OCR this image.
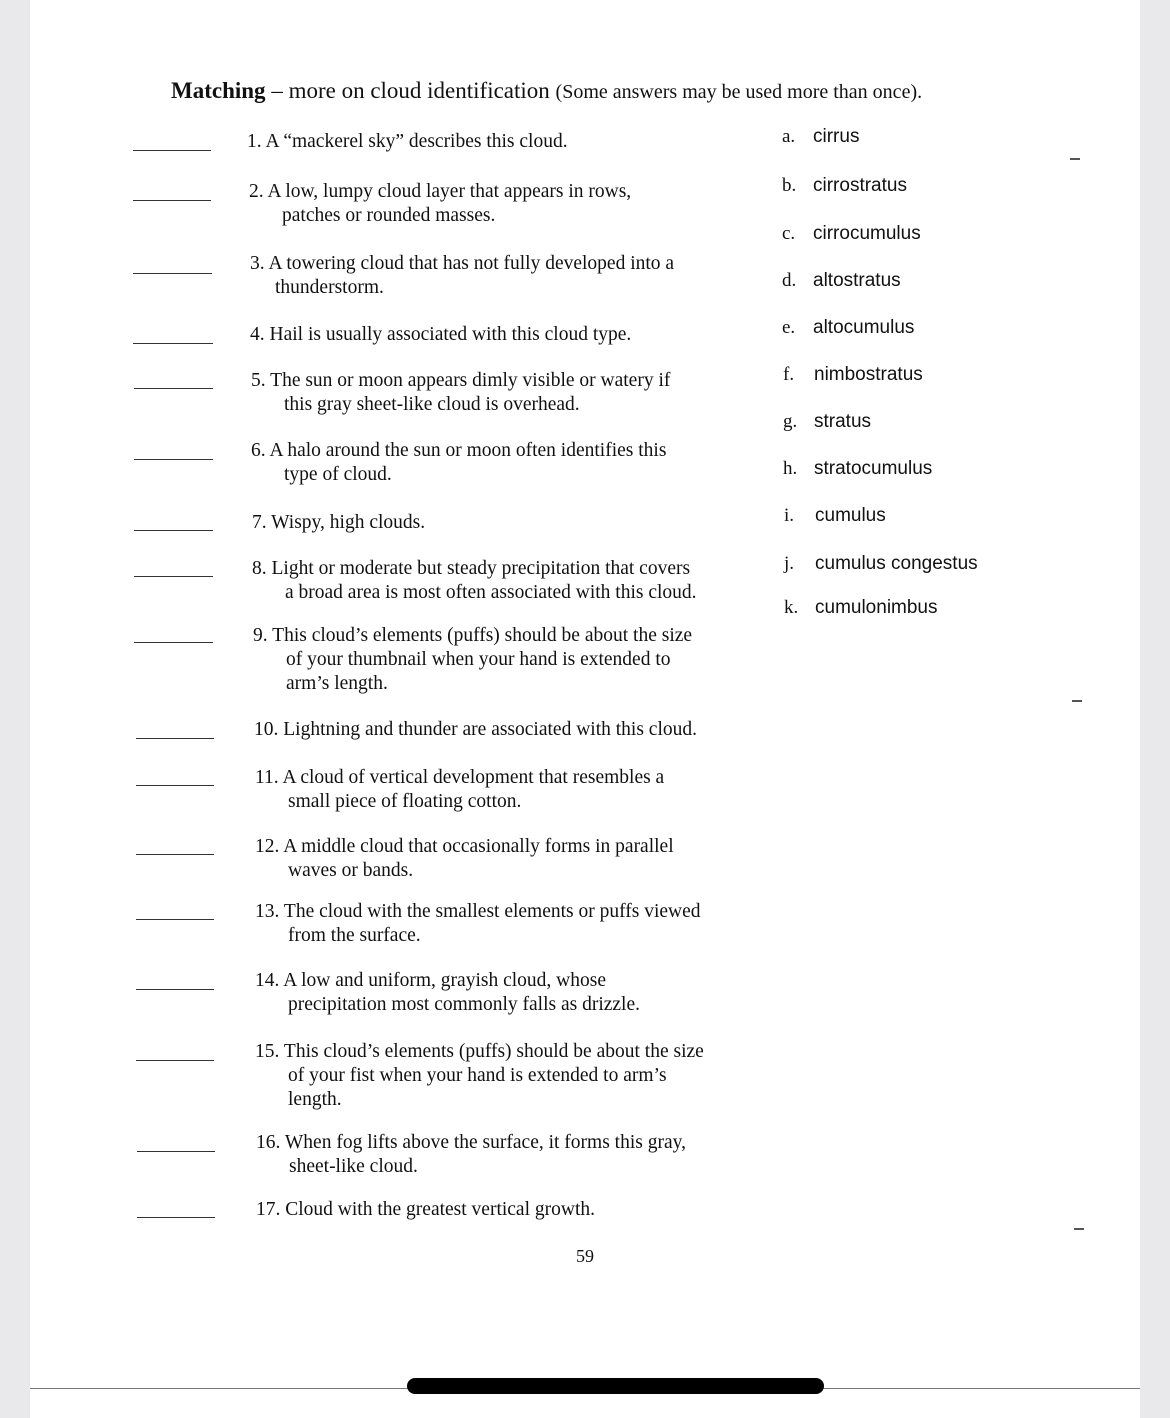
Matching – more on cloud identification (Some answers may be used more than once).
1. A “mackerel sky” describes this cloud.
2. A low, lumpy cloud layer that appears in rows,
patches or rounded masses.
3. A towering cloud that has not fully developed into a
thunderstorm.
4. Hail is usually associated with this cloud type.
5. The sun or moon appears dimly visible or watery if
this gray sheet-like cloud is overhead.
6. A halo around the sun or moon often identifies this
type of cloud.
7. Wispy, high clouds.
8. Light or moderate but steady precipitation that covers
a broad area is most often associated with this cloud.
9. This cloud’s elements (puffs) should be about the size
of your thumbnail when your hand is extended to
arm’s length.
10. Lightning and thunder are associated with this cloud.
11. A cloud of vertical development that resembles a
small piece of floating cotton.
12. A middle cloud that occasionally forms in parallel
waves or bands.
13. The cloud with the smallest elements or puffs viewed
from the surface.
14. A low and uniform, grayish cloud, whose
precipitation most commonly falls as drizzle.
15. This cloud’s elements (puffs) should be about the size
of your fist when your hand is extended to arm’s
length.
16. When fog lifts above the surface, it forms this gray,
sheet-like cloud.
17. Cloud with the greatest vertical growth.
a. cirrus
b. cirrostratus
c. cirrocumulus
d. altostratus
e. altocumulus
f. nimbostratus
g. stratus
h. stratocumulus
i. cumulus
j. cumulus congestus
k. cumulonimbus
59
